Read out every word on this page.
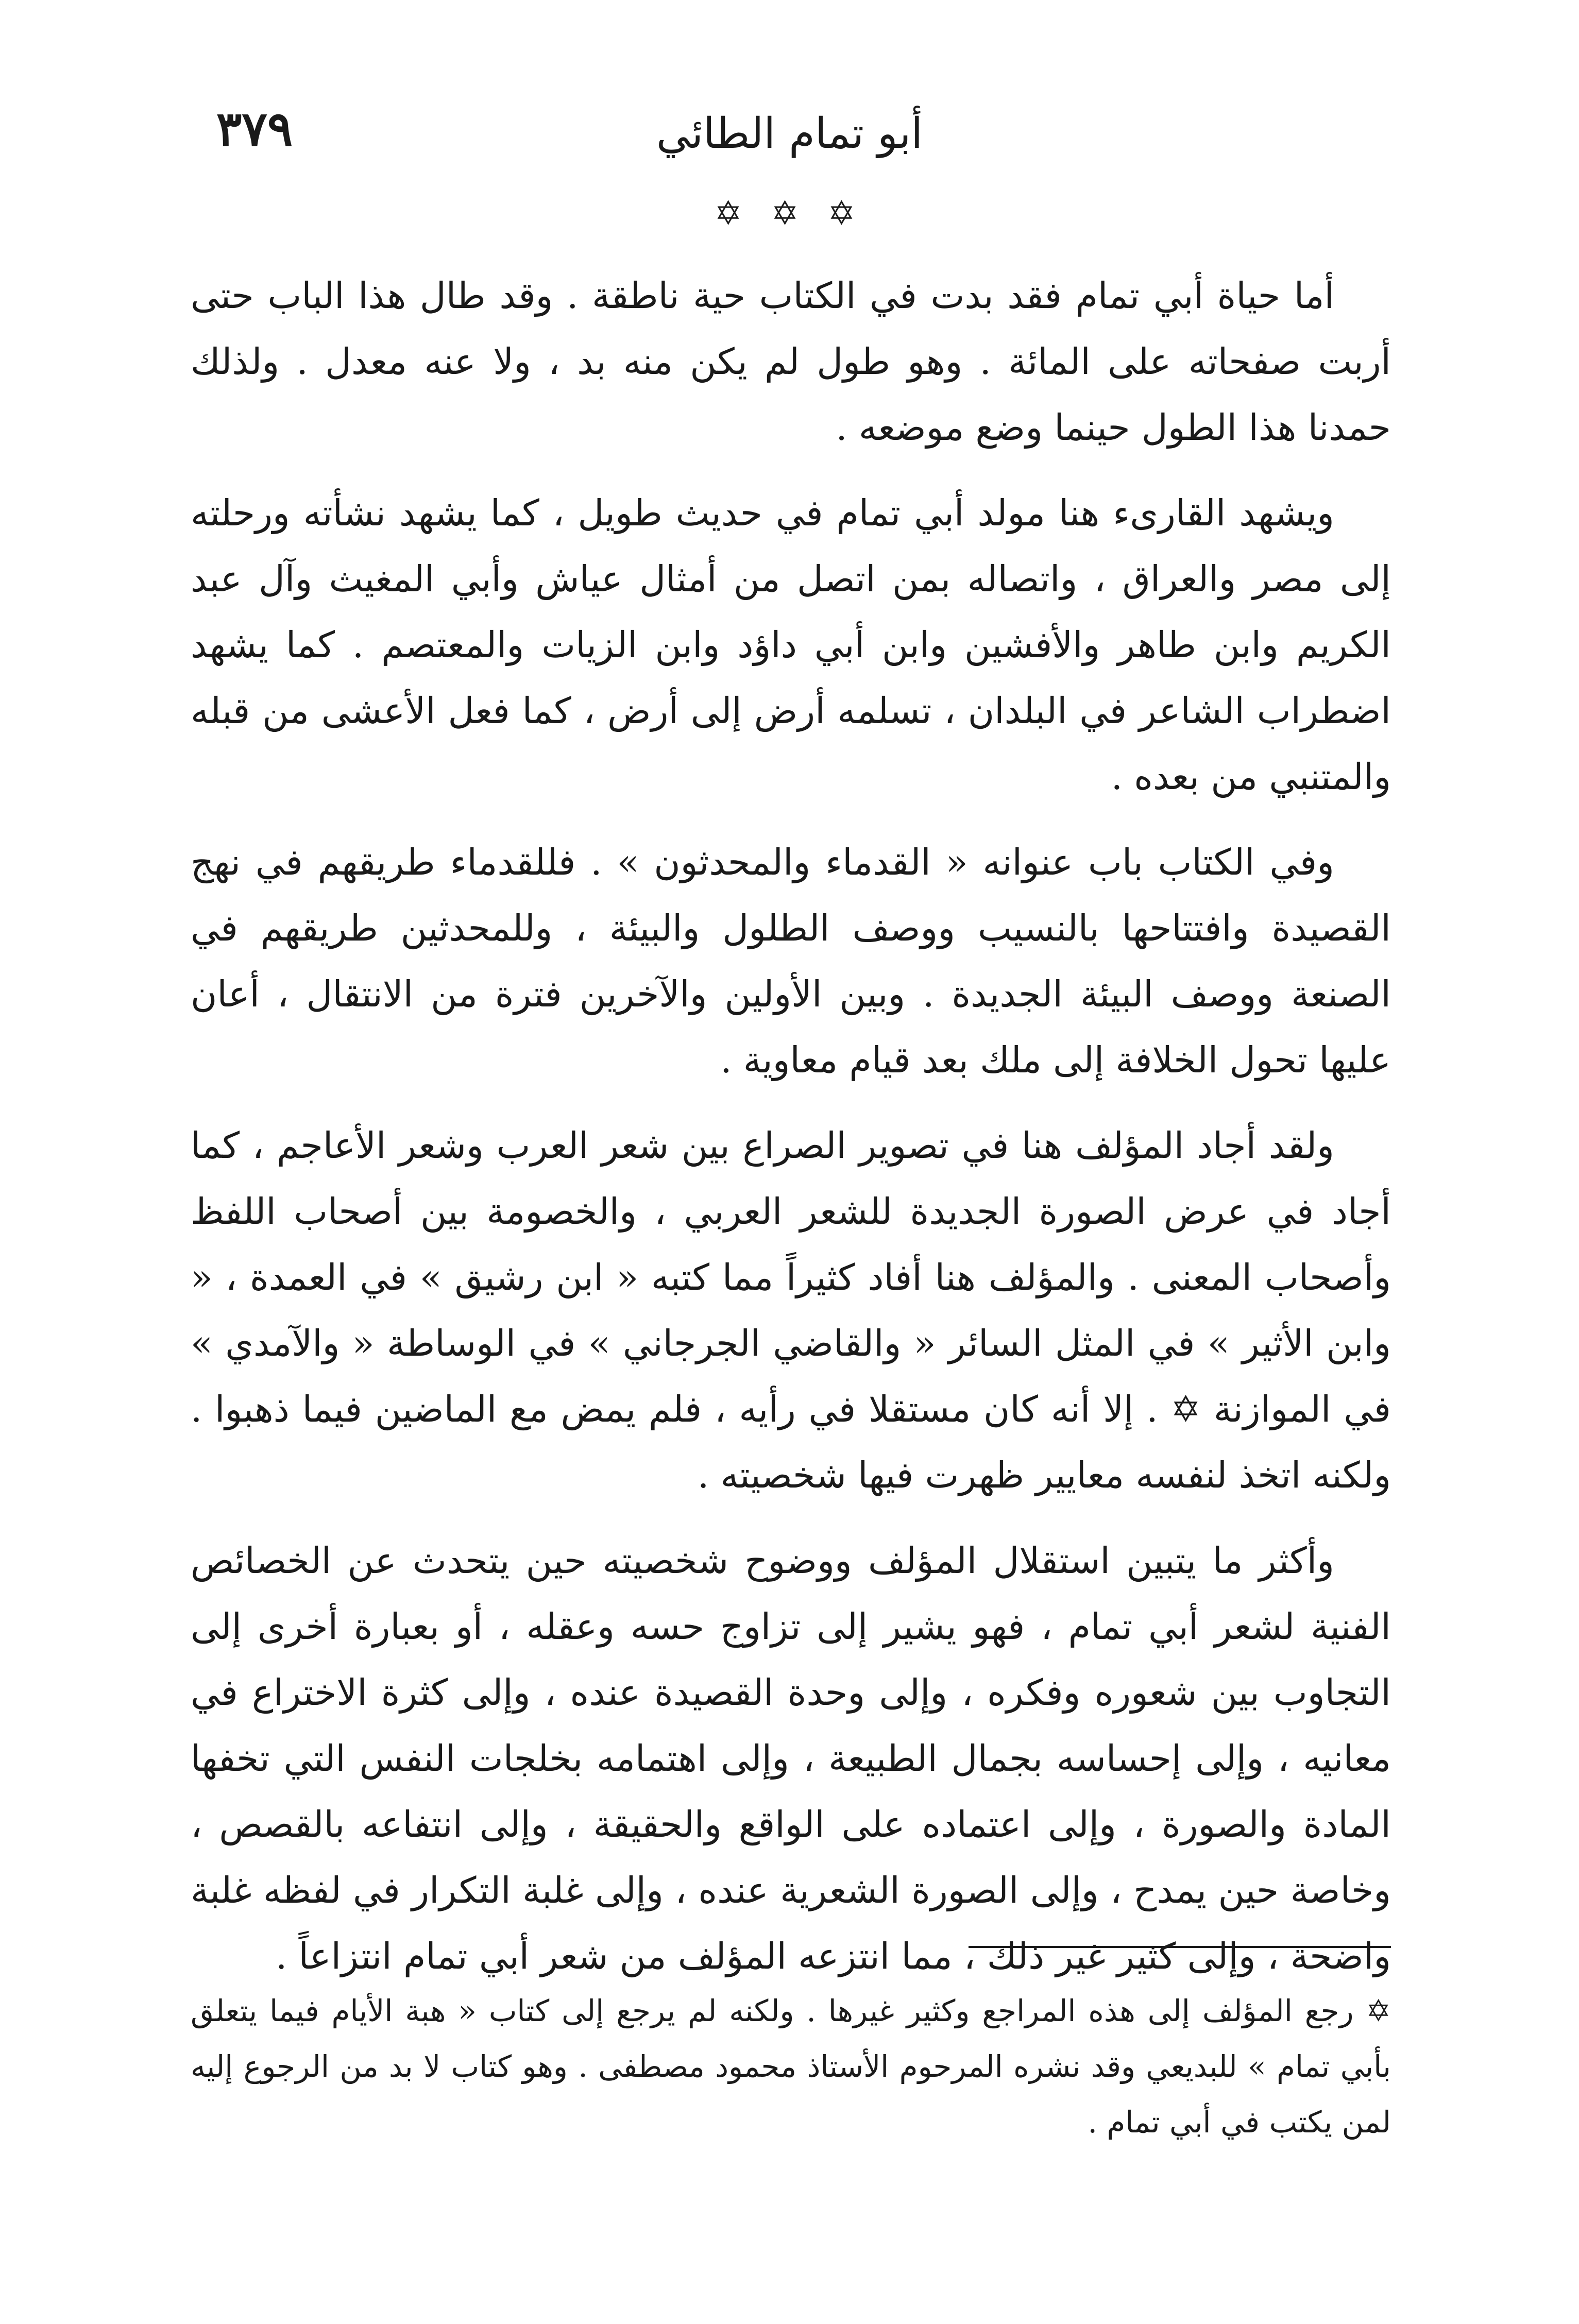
أبو تمام الطائي
٣٧٩
✡ ✡ ✡

أما حياة أبي تمام فقد بدت في الكتاب حية ناطقة . وقد طال هذا الباب حتى أربت صفحاته على المائة . وهو طول لم يكن منه بد ، ولا عنه معدل . ولذلك حمدنا هذا الطول حينما وضع موضعه .

ويشهد القارىء هنا مولد أبي تمام في حديث طويل ، كما يشهد نشأته ورحلته إلى مصر والعراق ، واتصاله بمن اتصل من أمثال عياش وأبي المغيث وآل عبد الكريم وابن طاهر والأفشين وابن أبي داؤد وابن الزيات والمعتصم . كما يشهد اضطراب الشاعر في البلدان ، تسلمه أرض إلى أرض ، كما فعل الأعشى من قبله والمتنبي من بعده .

وفي الكتاب باب عنوانه « القدماء والمحدثون » . فللقدماء طريقهم في نهج القصيدة وافتتاحها بالنسيب ووصف الطلول والبيئة ، وللمحدثين طريقهم في الصنعة ووصف البيئة الجديدة . وبين الأولين والآخرين فترة من الانتقال ، أعان عليها تحول الخلافة إلى ملك بعد قيام معاوية .

ولقد أجاد المؤلف هنا في تصوير الصراع بين شعر العرب وشعر الأعاجم ، كما أجاد في عرض الصورة الجديدة للشعر العربي ، والخصومة بين أصحاب اللفظ وأصحاب المعنى . والمؤلف هنا أفاد كثيراً مما كتبه « ابن رشيق » في العمدة ، « وابن الأثير » في المثل السائر « والقاضي الجرجاني » في الوساطة « والآمدي » في الموازنة ✡ . إلا أنه كان مستقلا في رأيه ، فلم يمض مع الماضين فيما ذهبوا . ولكنه اتخذ لنفسه معايير ظهرت فيها شخصيته .

وأكثر ما يتبين استقلال المؤلف ووضوح شخصيته حين يتحدث عن الخصائص الفنية لشعر أبي تمام ، فهو يشير إلى تزاوج حسه وعقله ، أو بعبارة أخرى إلى التجاوب بين شعوره وفكره ، وإلى وحدة القصيدة عنده ، وإلى كثرة الاختراع في معانيه ، وإلى إحساسه بجمال الطبيعة ، وإلى اهتمامه بخلجات النفس التي تخفها المادة والصورة ، وإلى اعتماده على الواقع والحقيقة ، وإلى انتفاعه بالقصص ، وخاصة حين يمدح ، وإلى الصورة الشعرية عنده ، وإلى غلبة التكرار في لفظه غلبة واضحة ، وإلى كثير غير ذلك ، مما انتزعه المؤلف من شعر أبي تمام انتزاعاً .

✡ رجع المؤلف إلى هذه المراجع وكثير غيرها . ولكنه لم يرجع إلى كتاب « هبة الأيام فيما يتعلق بأبي تمام » للبديعي وقد نشره المرحوم الأستاذ محمود مصطفى . وهو كتاب لا بد من الرجوع إليه لمن يكتب في أبي تمام .
